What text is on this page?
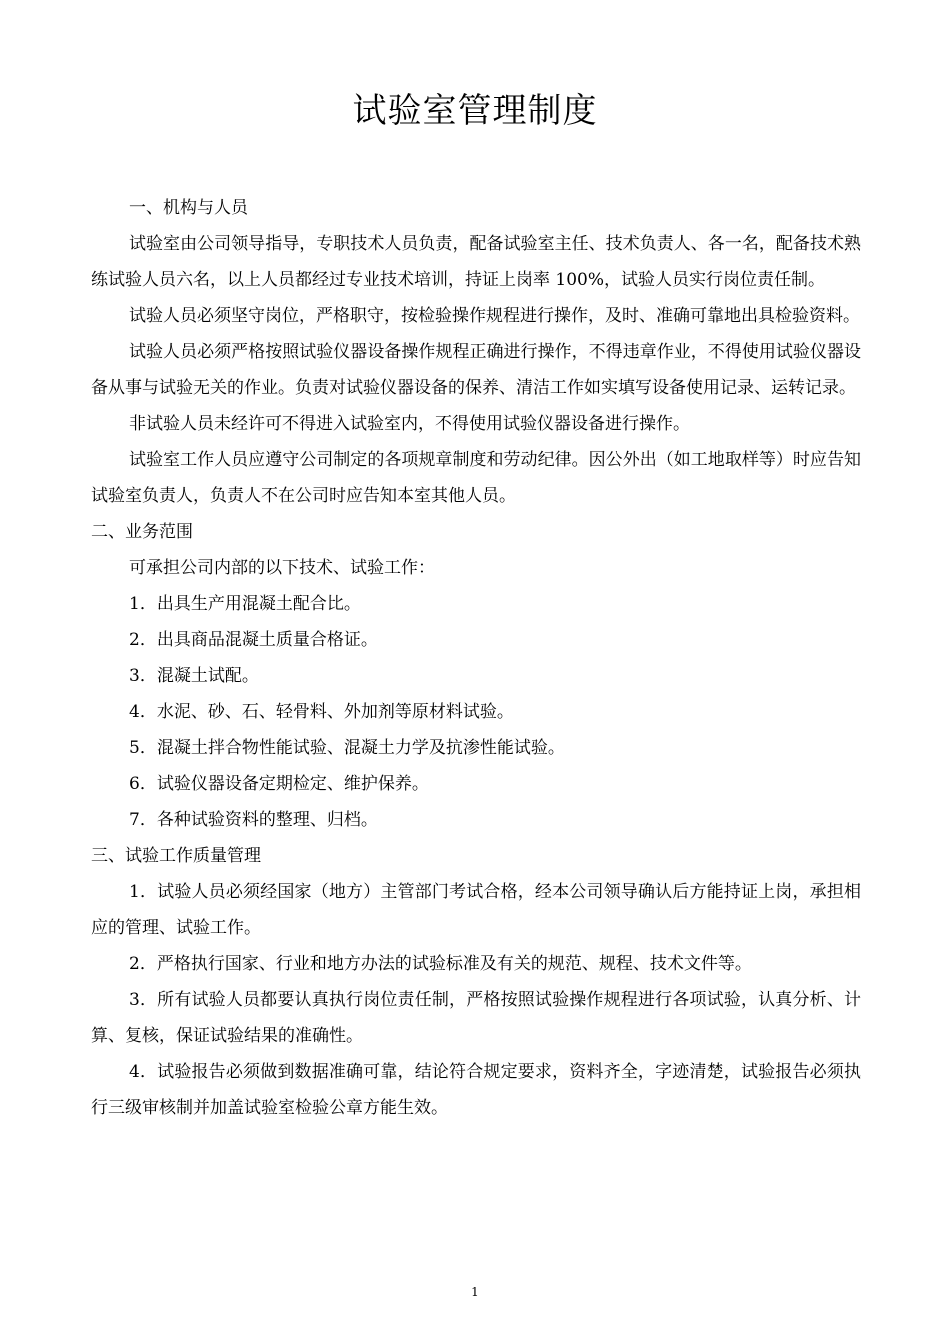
试验室管理制度

一、机构与人员

试验室由公司领导指导，专职技术人员负责，配备试验室主任、技术负责人、各一名，配备技术熟练试验人员六名，以上人员都经过专业技术培训，持证上岗率 100%，试验人员实行岗位责任制。

试验人员必须坚守岗位，严格职守，按检验操作规程进行操作，及时、准确可靠地出具检验资料。

试验人员必须严格按照试验仪器设备操作规程正确进行操作，不得违章作业，不得使用试验仪器设备从事与试验无关的作业。负责对试验仪器设备的保养、清洁工作如实填写设备使用记录、运转记录。

非试验人员未经许可不得进入试验室内，不得使用试验仪器设备进行操作。

试验室工作人员应遵守公司制定的各项规章制度和劳动纪律。因公外出（如工地取样等）时应告知试验室负责人，负责人不在公司时应告知本室其他人员。

二、业务范围

可承担公司内部的以下技术、试验工作：

1．出具生产用混凝土配合比。

2．出具商品混凝土质量合格证。

3．混凝土试配。

4．水泥、砂、石、轻骨料、外加剂等原材料试验。

5．混凝土拌合物性能试验、混凝土力学及抗渗性能试验。

6．试验仪器设备定期检定、维护保养。

7．各种试验资料的整理、归档。

三、试验工作质量管理

1．试验人员必须经国家（地方）主管部门考试合格，经本公司领导确认后方能持证上岗，承担相应的管理、试验工作。

2．严格执行国家、行业和地方办法的试验标准及有关的规范、规程、技术文件等。

3．所有试验人员都要认真执行岗位责任制，严格按照试验操作规程进行各项试验，认真分析、计算、复核，保证试验结果的准确性。

4．试验报告必须做到数据准确可靠，结论符合规定要求，资料齐全，字迹清楚，试验报告必须执行三级审核制并加盖试验室检验公章方能生效。

1
